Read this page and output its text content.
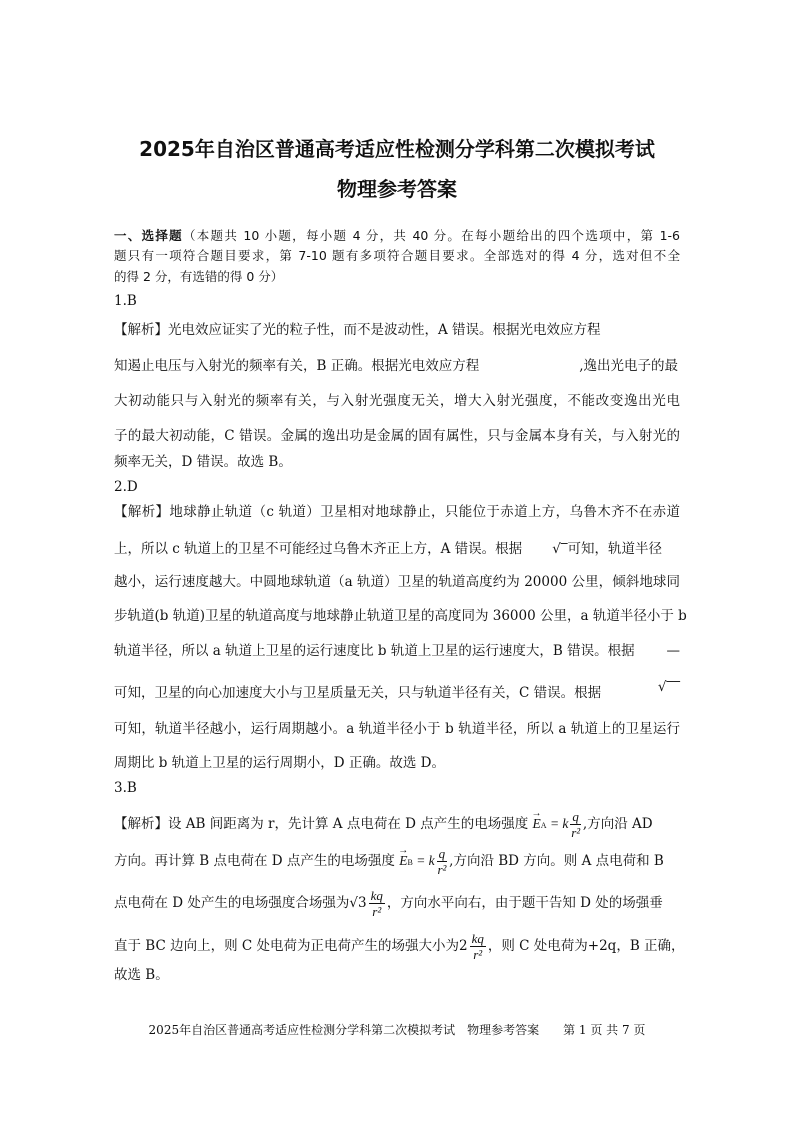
2025年自治区普通高考适应性检测分学科第二次模拟考试
物理参考答案
一、选择题（本题共 10 小题，每小题 4 分，共 40 分。在每小题给出的四个选项中，第 1-6
题只有一项符合题目要求，第 7-10 题有多项符合题目要求。全部选对的得 4 分，选对但不全
的得 2 分，有选错的得 0 分）
1.B
【解析】光电效应证实了光的粒子性，而不是波动性，A 错误。根据光电效应方程
知遏止电压与入射光的频率有关，B 正确。根据光电效应方程	,逸出光电子的最
大初动能只与入射光的频率有关，与入射光强度无关，增大入射光强度，不能改变逸出光电
子的最大初动能，C 错误。金属的逸出功是金属的固有属性，只与金属本身有关，与入射光的
频率无关，D 错误。故选 B。
2.D
【解析】地球静止轨道（c 轨道）卫星相对地球静止，只能位于赤道上方，乌鲁木齐不在赤道
上，所以 c 轨道上的卫星不可能经过乌鲁木齐正上方，A 错误。根据 √‾可知，轨道半径
越小，运行速度越大。中圆地球轨道（a 轨道）卫星的轨道高度约为 20000 公里，倾斜地球同
步轨道(b 轨道)卫星的轨道高度与地球静止轨道卫星的高度同为 36000 公里，a 轨道半径小于 b
轨道半径，所以 a 轨道上卫星的运行速度比 b 轨道上卫星的运行速度大，B 错误。根据 —
可知，卫星的向心加速度大小与卫星质量无关，只与轨道半径有关，C 错误。根据	√‾‾
可知，轨道半径越小，运行周期越小。a 轨道半径小于 b 轨道半径，所以 a 轨道上的卫星运行
周期比 b 轨道上卫星的运行周期小，D 正确。故选 D。
3.B
【解析】设 AB 间距离为 r，先计算 A 点电荷在 D 点产生的电场强度 → EA = k $\frac{q}{\text{r²}}$ ,方向沿 AD
方向。再计算 B 点电荷在 D 点产生的电场强度 → EB = k $\frac{q}{\text{r²}}$ ,方向沿 BD 方向。则 A 点电荷和 B
点电荷在 D 处产生的电场强度合场强为$√3 \frac{kq}{\text{r²}}$ ，方向水平向右，由于题干告知 D 处的场强垂
直于 BC 边向上，则 C 处电荷为正电荷产生的场强大小为$2 \frac{kq}{\text{r²}}$ ，则 C 处电荷为+2q，B 正确，
故选 B。
2025年自治区普通高考适应性检测分学科第二次模拟考试　物理参考答案　　第 1 页 共 7 页
